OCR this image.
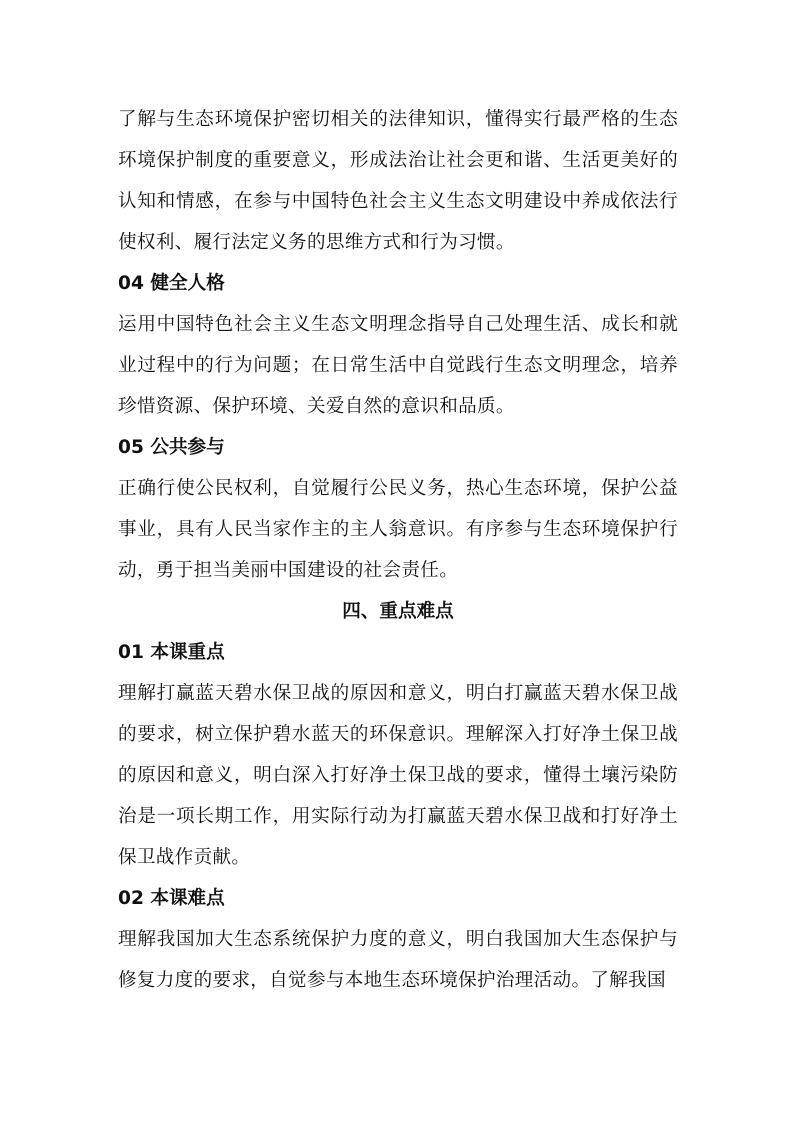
了解与生态环境保护密切相关的法律知识，懂得实行最严格的生态环境保护制度的重要意义，形成法治让社会更和谐、生活更美好的认知和情感，在参与中国特色社会主义生态文明建设中养成依法行使权利、履行法定义务的思维方式和行为习惯。

04 健全人格

运用中国特色社会主义生态文明理念指导自己处理生活、成长和就业过程中的行为问题；在日常生活中自觉践行生态文明理念，培养珍惜资源、保护环境、关爱自然的意识和品质。

05 公共参与

正确行使公民权利，自觉履行公民义务，热心生态环境，保护公益事业，具有人民当家作主的主人翁意识。有序参与生态环境保护行动，勇于担当美丽中国建设的社会责任。

四、重点难点

01 本课重点

理解打赢蓝天碧水保卫战的原因和意义，明白打赢蓝天碧水保卫战的要求，树立保护碧水蓝天的环保意识。理解深入打好净土保卫战的原因和意义，明白深入打好净土保卫战的要求，懂得土壤污染防治是一项长期工作，用实际行动为打赢蓝天碧水保卫战和打好净土保卫战作贡献。

02 本课难点

理解我国加大生态系统保护力度的意义，明白我国加大生态保护与修复力度的要求，自觉参与本地生态环境保护治理活动。了解我国
